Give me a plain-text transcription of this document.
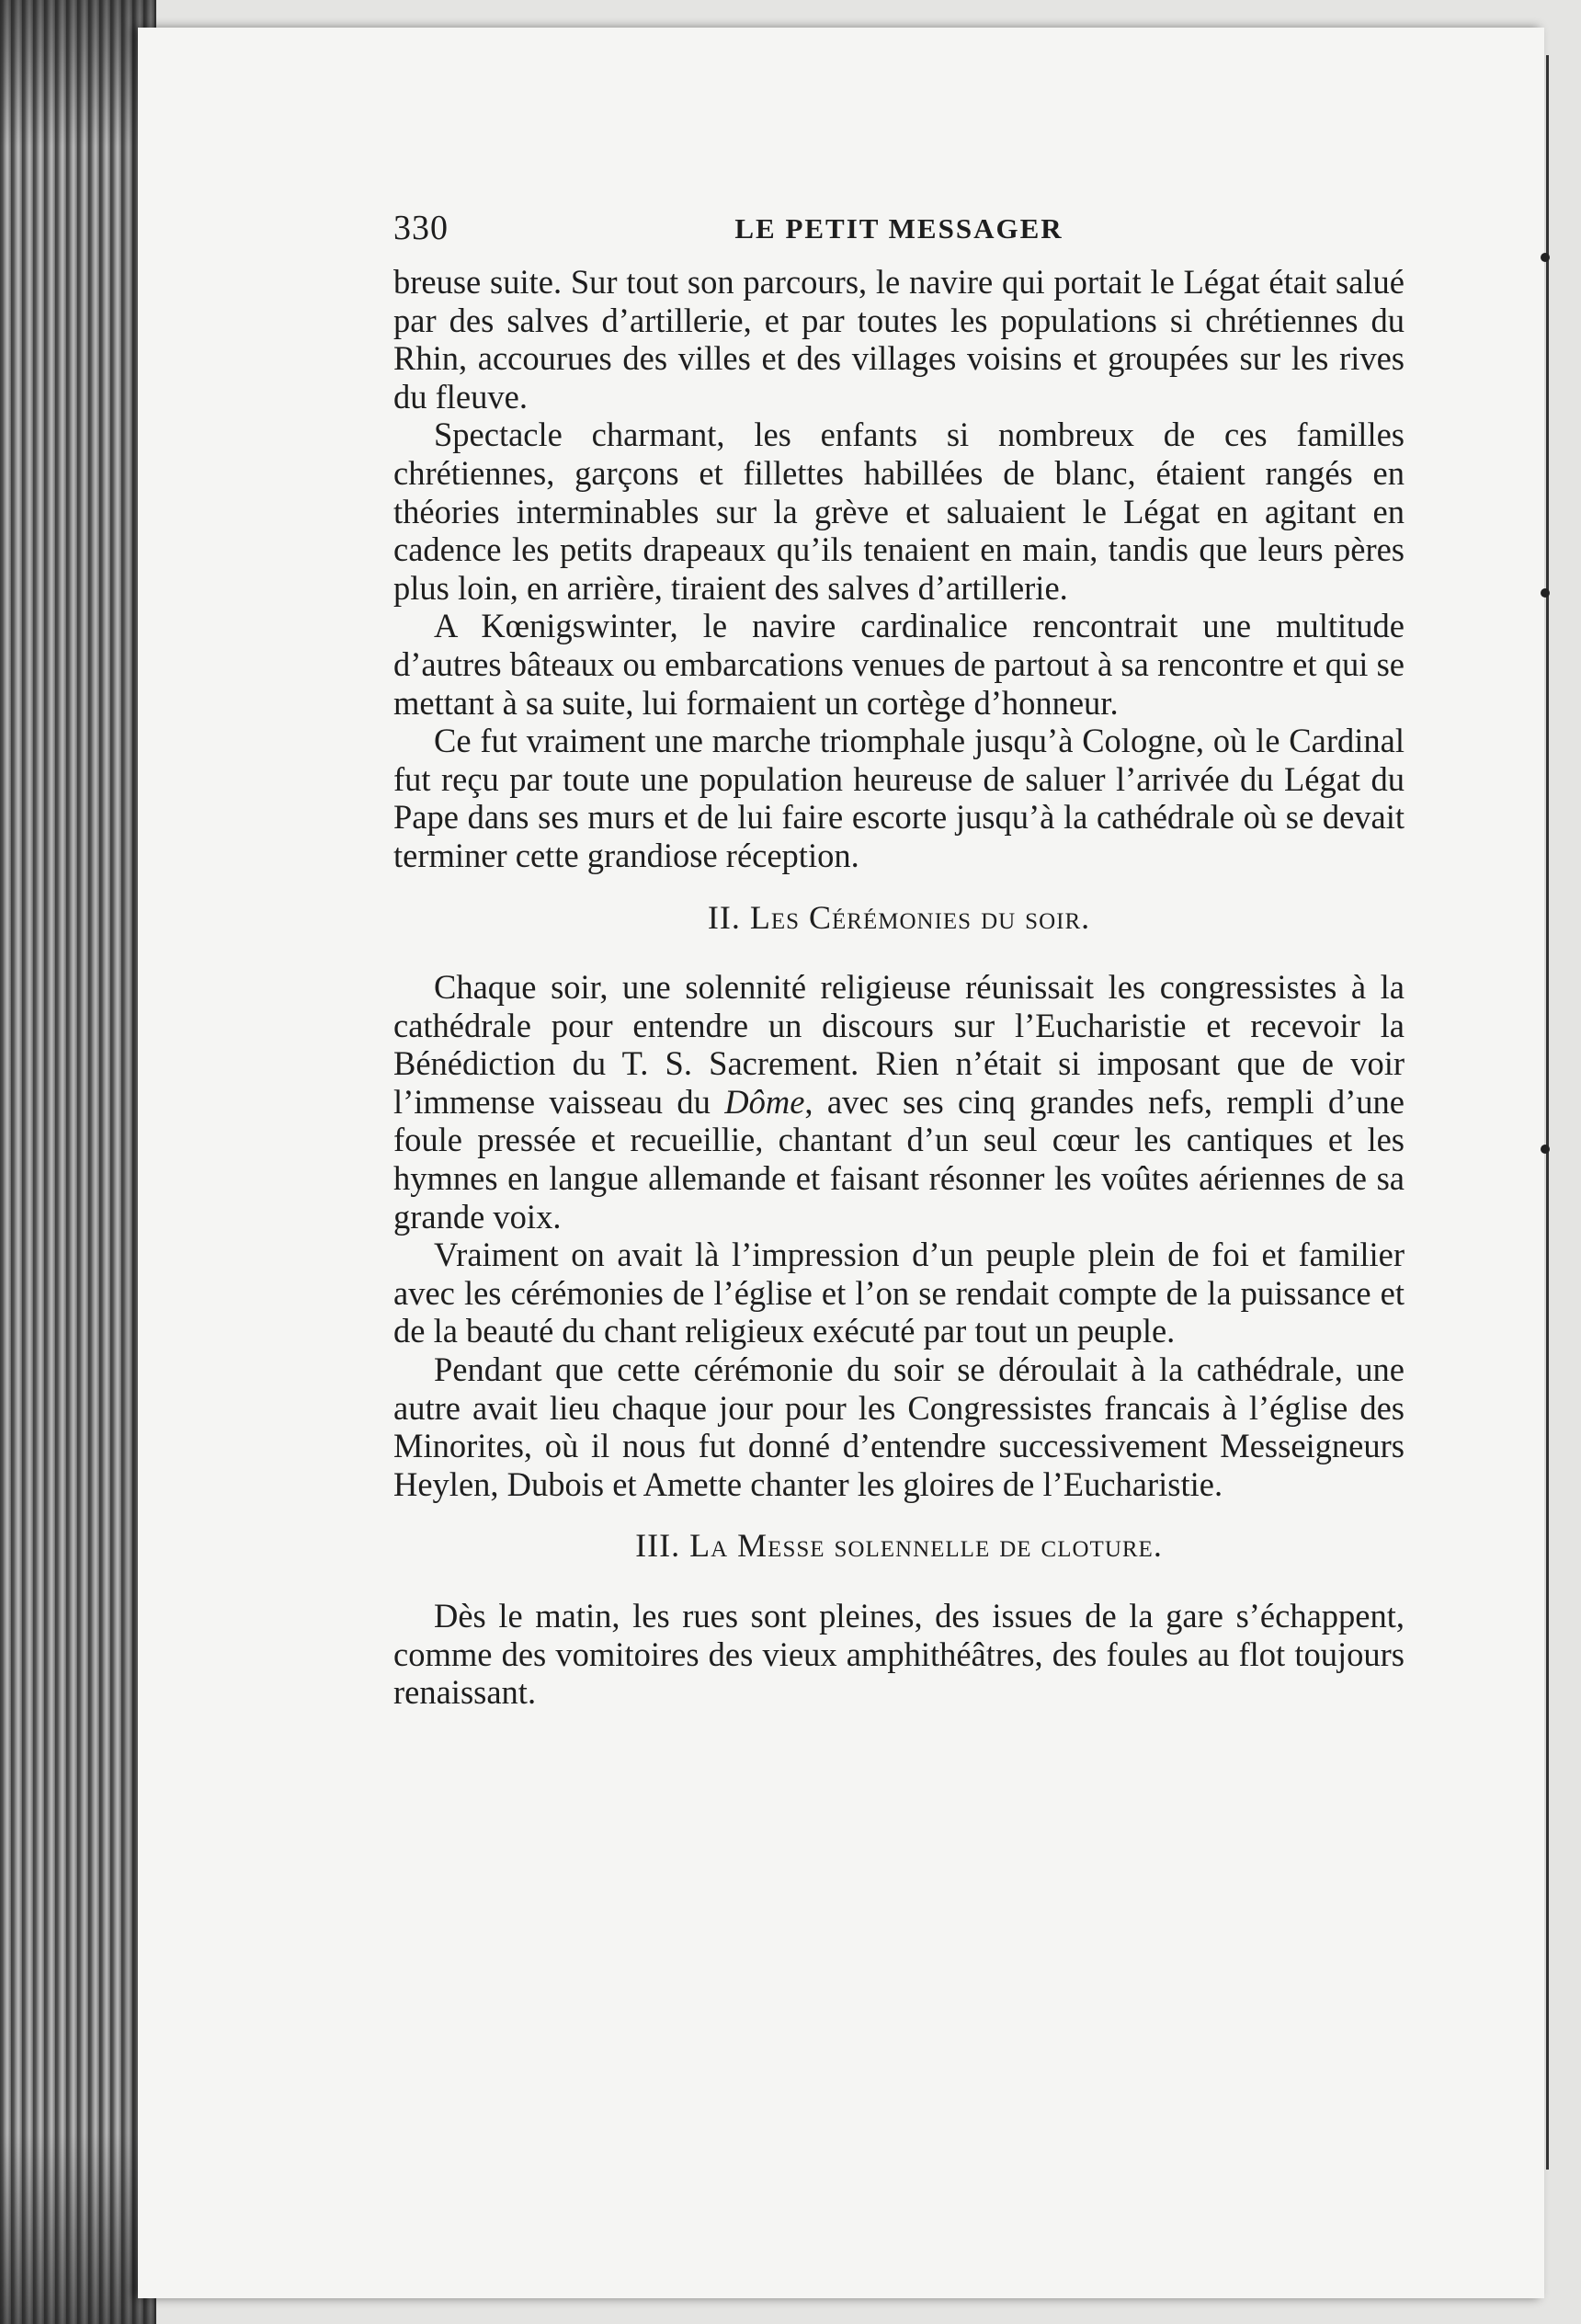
330	LE PETIT MESSAGER

breuse suite. Sur tout son parcours, le navire qui portait le Légat était salué par des salves d’artillerie, et par toutes les populations si chrétiennes du Rhin, accourues des villes et des villages voisins et groupées sur les rives du fleuve.

Spectacle charmant, les enfants si nombreux de ces familles chrétiennes, garçons et fillettes habillées de blanc, étaient rangés en théories interminables sur la grève et saluaient le Légat en agitant en cadence les petits drapeaux qu’ils tenaient en main, tandis que leurs pères plus loin, en arrière, tiraient des salves d’artillerie.

A Kœnigswinter, le navire cardinalice rencontrait une multitude d’autres bâteaux ou embarcations venues de partout à sa rencontre et qui se mettant à sa suite, lui formaient un cortège d’honneur.

Ce fut vraiment une marche triomphale jusqu’à Cologne, où le Cardinal fut reçu par toute une population heureuse de saluer l’arrivée du Légat du Pape dans ses murs et de lui faire escorte jusqu’à la cathédrale où se devait terminer cette grandiose réception.

II. Les Cérémonies du soir.

Chaque soir, une solennité religieuse réunissait les congressistes à la cathédrale pour entendre un discours sur l’Eucharistie et recevoir la Bénédiction du T. S. Sacrement. Rien n’était si imposant que de voir l’immense vaisseau du Dôme, avec ses cinq grandes nefs, rempli d’une foule pressée et recueillie, chantant d’un seul cœur les cantiques et les hymnes en langue allemande et faisant résonner les voûtes aériennes de sa grande voix.

Vraiment on avait là l’impression d’un peuple plein de foi et familier avec les cérémonies de l’église et l’on se rendait compte de la puissance et de la beauté du chant religieux exécuté par tout un peuple.

Pendant que cette cérémonie du soir se déroulait à la cathédrale, une autre avait lieu chaque jour pour les Congressistes francais à l’église des Minorites, où il nous fut donné d’entendre successivement Messeigneurs Heylen, Dubois et Amette chanter les gloires de l’Eucharistie.

III. La Messe solennelle de cloture.

Dès le matin, les rues sont pleines, des issues de la gare s’échappent, comme des vomitoires des vieux amphithéâtres, des foules au flot toujours renaissant.
